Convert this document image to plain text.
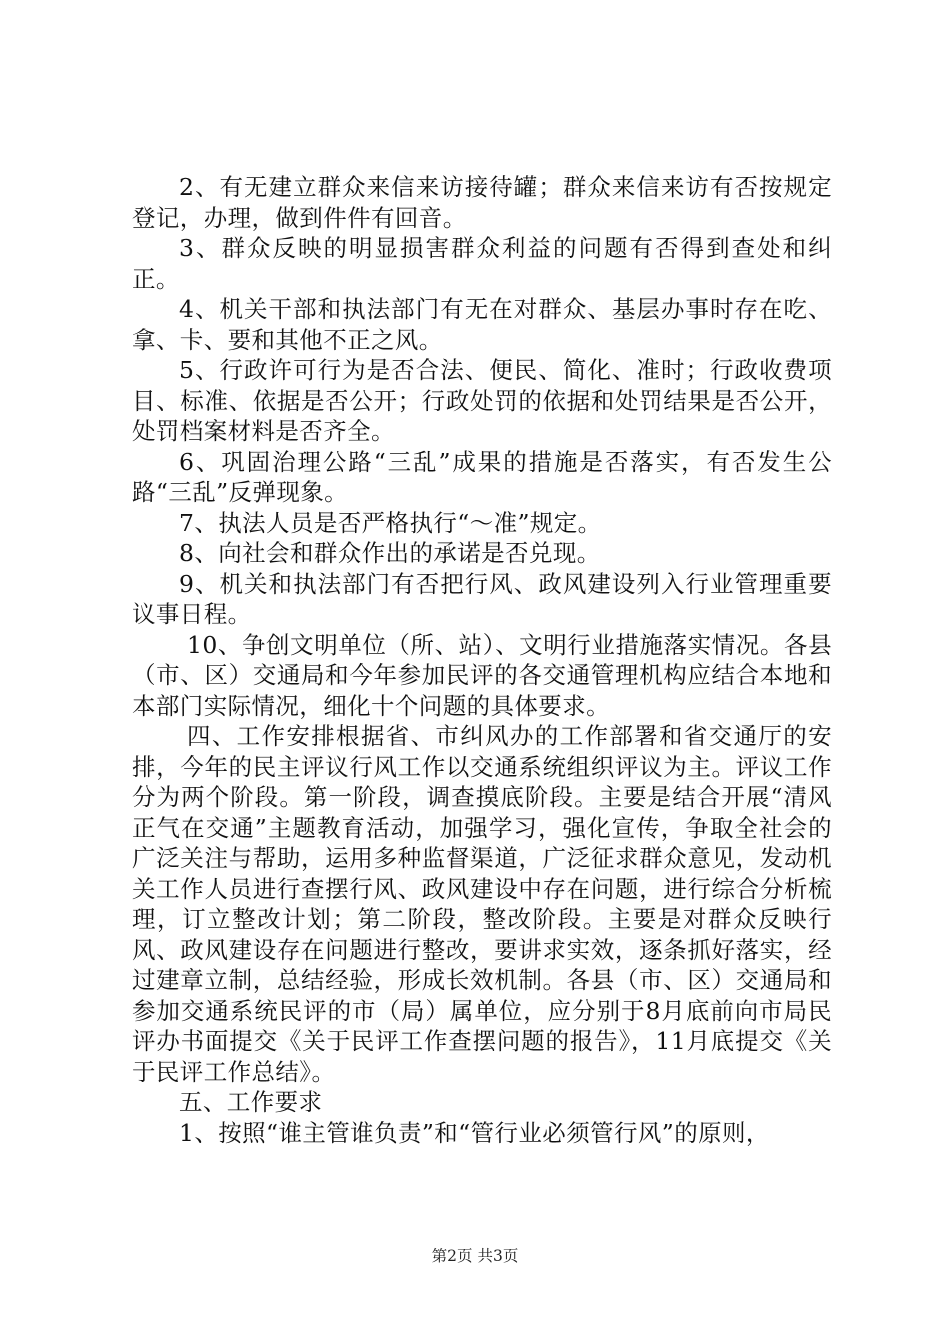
2、有无建立群众来信来访接待罐；群众来信来访有否按规定登记，办理，做到件件有回音。

3、群众反映的明显损害群众利益的问题有否得到查处和纠正。

4、机关干部和执法部门有无在对群众、基层办事时存在吃、拿、卡、要和其他不正之风。

5、行政许可行为是否合法、便民、简化、准时；行政收费项目、标准、依据是否公开；行政处罚的依据和处罚结果是否公开，处罚档案材料是否齐全。

6、巩固治理公路“三乱”成果的措施是否落实，有否发生公路“三乱”反弹现象。

7、执法人员是否严格执行“～准”规定。

8、向社会和群众作出的承诺是否兑现。

9、机关和执法部门有否把行风、政风建设列入行业管理重要议事日程。

10、争创文明单位（所、站）、文明行业措施落实情况。各县（市、区）交通局和今年参加民评的各交通管理机构应结合本地和本部门实际情况，细化十个问题的具体要求。

四、工作安排根据省、市纠风办的工作部署和省交通厅的安排，今年的民主评议行风工作以交通系统组织评议为主。评议工作分为两个阶段。第一阶段，调查摸底阶段。主要是结合开展“清风正气在交通”主题教育活动，加强学习，强化宣传，争取全社会的广泛关注与帮助，运用多种监督渠道，广泛征求群众意见，发动机关工作人员进行查摆行风、政风建设中存在问题，进行综合分析梳理，订立整改计划；第二阶段，整改阶段。主要是对群众反映行风、政风建设存在问题进行整改，要讲求实效，逐条抓好落实，经过建章立制，总结经验，形成长效机制。各县（市、区）交通局和参加交通系统民评的市（局）属单位，应分别于8月底前向市局民评办书面提交《关于民评工作查摆问题的报告》，11月底提交《关于民评工作总结》。

五、工作要求

1、按照“谁主管谁负责”和“管行业必须管行风”的原则，

第2页 共3页
